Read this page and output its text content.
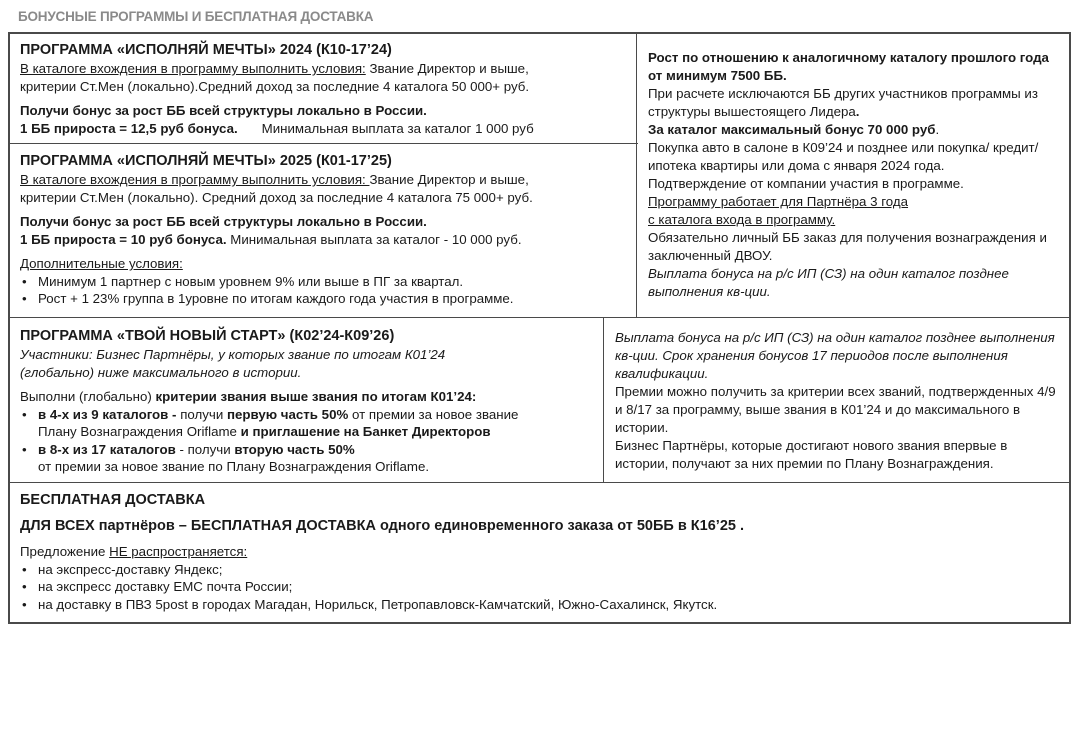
БОНУСНЫЕ ПРОГРАММЫ И БЕСПЛАТНАЯ ДОСТАВКА
ПРОГРАММА «ИСПОЛНЯЙ МЕЧТЫ» 2024 (К10-17’24)
В каталоге вхождения в программу выполнить условия: Звание Директор и выше,
критерии Ст.Мен (локально).Средний доход за последние 4 каталога 50 000+ руб.
Получи бонус за рост ББ всей структуры локально в России.
1 ББ прироста = 12,5 руб бонуса. Минимальная выплата за каталог 1 000 руб
ПРОГРАММА «ИСПОЛНЯЙ МЕЧТЫ» 2025 (К01-17’25)
В каталоге вхождения в программу выполнить условия: Звание Директор и выше,
критерии Ст.Мен (локально). Средний доход за последние 4 каталога 75 000+ руб.
Получи бонус за рост ББ всей структуры локально в России.
1 ББ прироста = 10 руб бонуса. Минимальная выплата за каталог - 10 000 руб.
Дополнительные условия:
• Минимум 1 партнер с новым уровнем 9% или выше в ПГ за квартал.
• Рост + 1 23% группа в 1уровне по итогам каждого года участия в программе.
Рост по отношению к аналогичному каталогу прошлого года от минимум 7500 ББ.
При расчете исключаются ББ других участников программы из структуры вышестоящего Лидера.
За каталог максимальный бонус 70 000 руб.
Покупка авто в салоне в К09’24 и позднее или покупка/ кредит/ ипотека квартиры или дома с января 2024 года.
Подтверждение от компании участия в программе.
Программу работает для Партнёра 3 года
с каталога входа в программу.
Обязательно личный ББ заказ для получения вознаграждения и заключенный ДВОУ.
Выплата бонуса на р/с ИП (СЗ) на один каталог позднее выполнения кв-ции.
ПРОГРАММА «ТВОЙ НОВЫЙ СТАРТ» (К02’24-К09’26)
Участники: Бизнес Партнёры, у которых звание по итогам К01’24
(глобально) ниже максимального в истории.
Выполни (глобально) критерии звания выше звания по итогам К01’24:
• в 4-х из 9 каталогов - получи первую часть 50% от премии за новое звание
Плану Вознаграждения Oriflame и приглашение на Банкет Директоров
• в 8-х из 17 каталогов - получи вторую часть 50%
от премии за новое звание по Плану Вознаграждения Oriflame.
Выплата бонуса на р/с ИП (СЗ) на один каталог позднее выполнения кв-ции. Срок хранения бонусов 17 периодов после выполнения квалификации.
Премии можно получить за критерии всех званий, подтвержденных 4/9 и 8/17 за программу, выше звания в К01’24 и до максимального в истории.
Бизнес Партнёры, которые достигают нового звания впервые в истории, получают за них премии по Плану Вознаграждения.
БЕСПЛАТНАЯ ДОСТАВКА
ДЛЯ ВСЕХ партнёров – БЕСПЛАТНАЯ ДОСТАВКА одного единовременного заказа от 50ББ в К16’25 .
Предложение НЕ распространяется:
• на экспресс-доставку Яндекс;
• на экспресс доставку ЕМС почта России;
• на доставку в ПВЗ 5post в городах Магадан, Норильск, Петропавловск-Камчатский, Южно-Сахалинск, Якутск.
